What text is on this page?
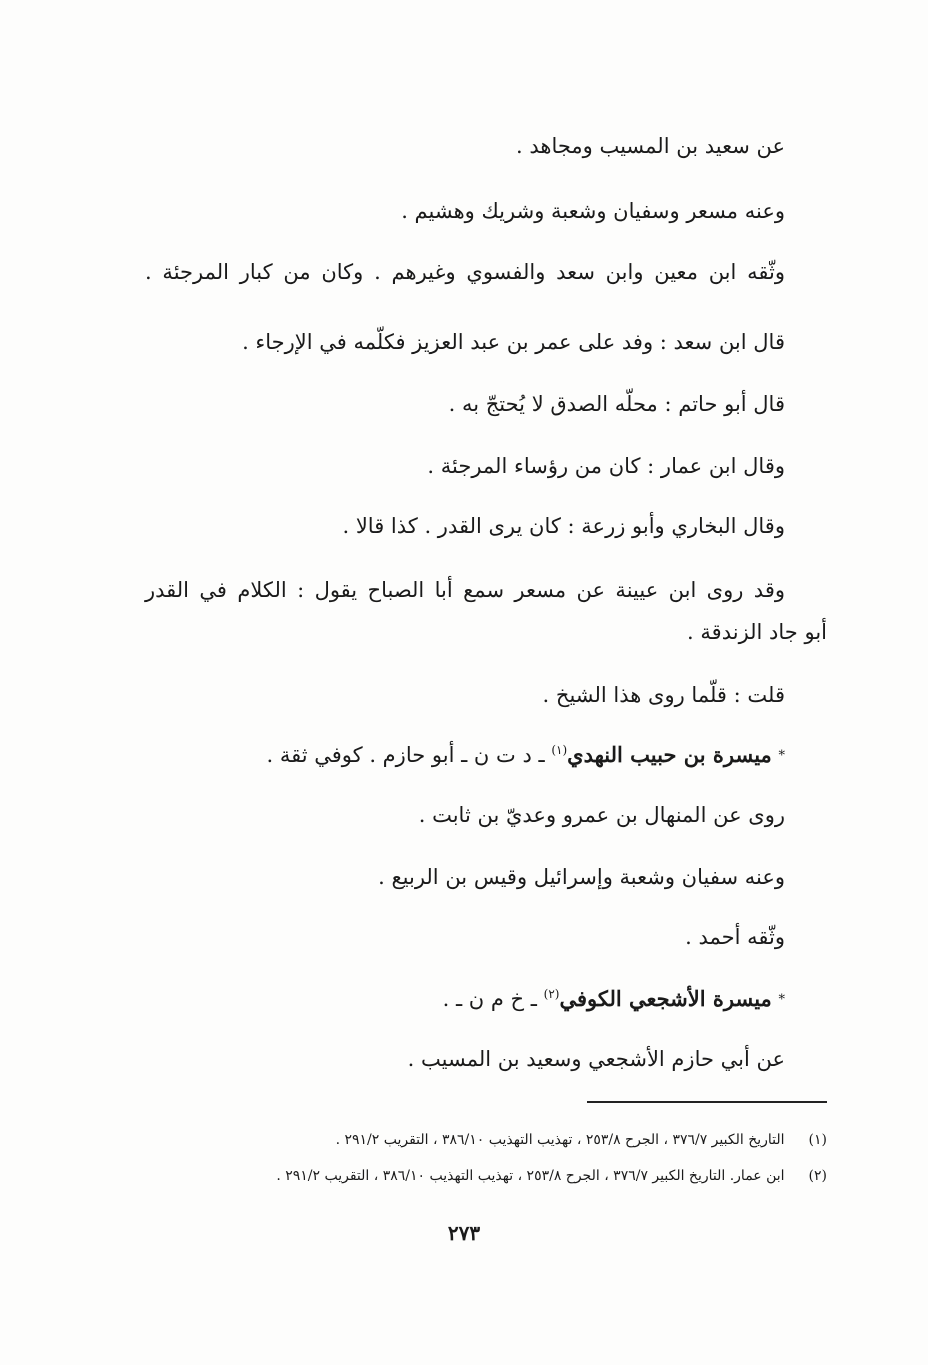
عن سعيد بن المسيب ومجاهد .
وعنه مسعر وسفيان وشعبة وشريك وهشيم .
وثّقه ابن معين وابن سعد والفسوي وغيرهم . وكان من كبار المرجئة .
قال ابن سعد : وفد على عمر بن عبد العزيز فكلّمه في الإرجاء .
قال أبو حاتم : محلّه الصدق لا يُحتجّ به .
وقال ابن عمار : كان من رؤساء المرجئة .
وقال البخاري وأبو زرعة : كان يرى القدر . كذا قالا .
وقد روى ابن عيينة عن مسعر سمع أبا الصباح يقول : الكلام في القدر
أبو جاد الزندقة .
قلت : قلّما روى هذا الشيخ .
* ميسرة بن حبيب النهدي$^{(١)}$ ـ د ت ن ـ أبو حازم . كوفي ثقة .
روى عن المنهال بن عمرو وعديّ بن ثابت .
وعنه سفيان وشعبة وإسرائيل وقيس بن الربيع .
وثّقه أحمد .
* ميسرة الأشجعي الكوفي$^{(٢)}$ ـ خ م ن ـ .
عن أبي حازم الأشجعي وسعيد بن المسيب .
(١) التاريخ الكبير ٣٧٦/٧ ، الجرح ٢٥٣/٨ ، تهذيب التهذيب ٣٨٦/١٠ ، التقريب ٢٩١/٢ .
(٢) ابن عمار. التاريخ الكبير ٣٧٦/٧ ، الجرح ٢٥٣/٨ ، تهذيب التهذيب ٣٨٦/١٠ ، التقريب ٢٩١/٢ .
٢٧٣
